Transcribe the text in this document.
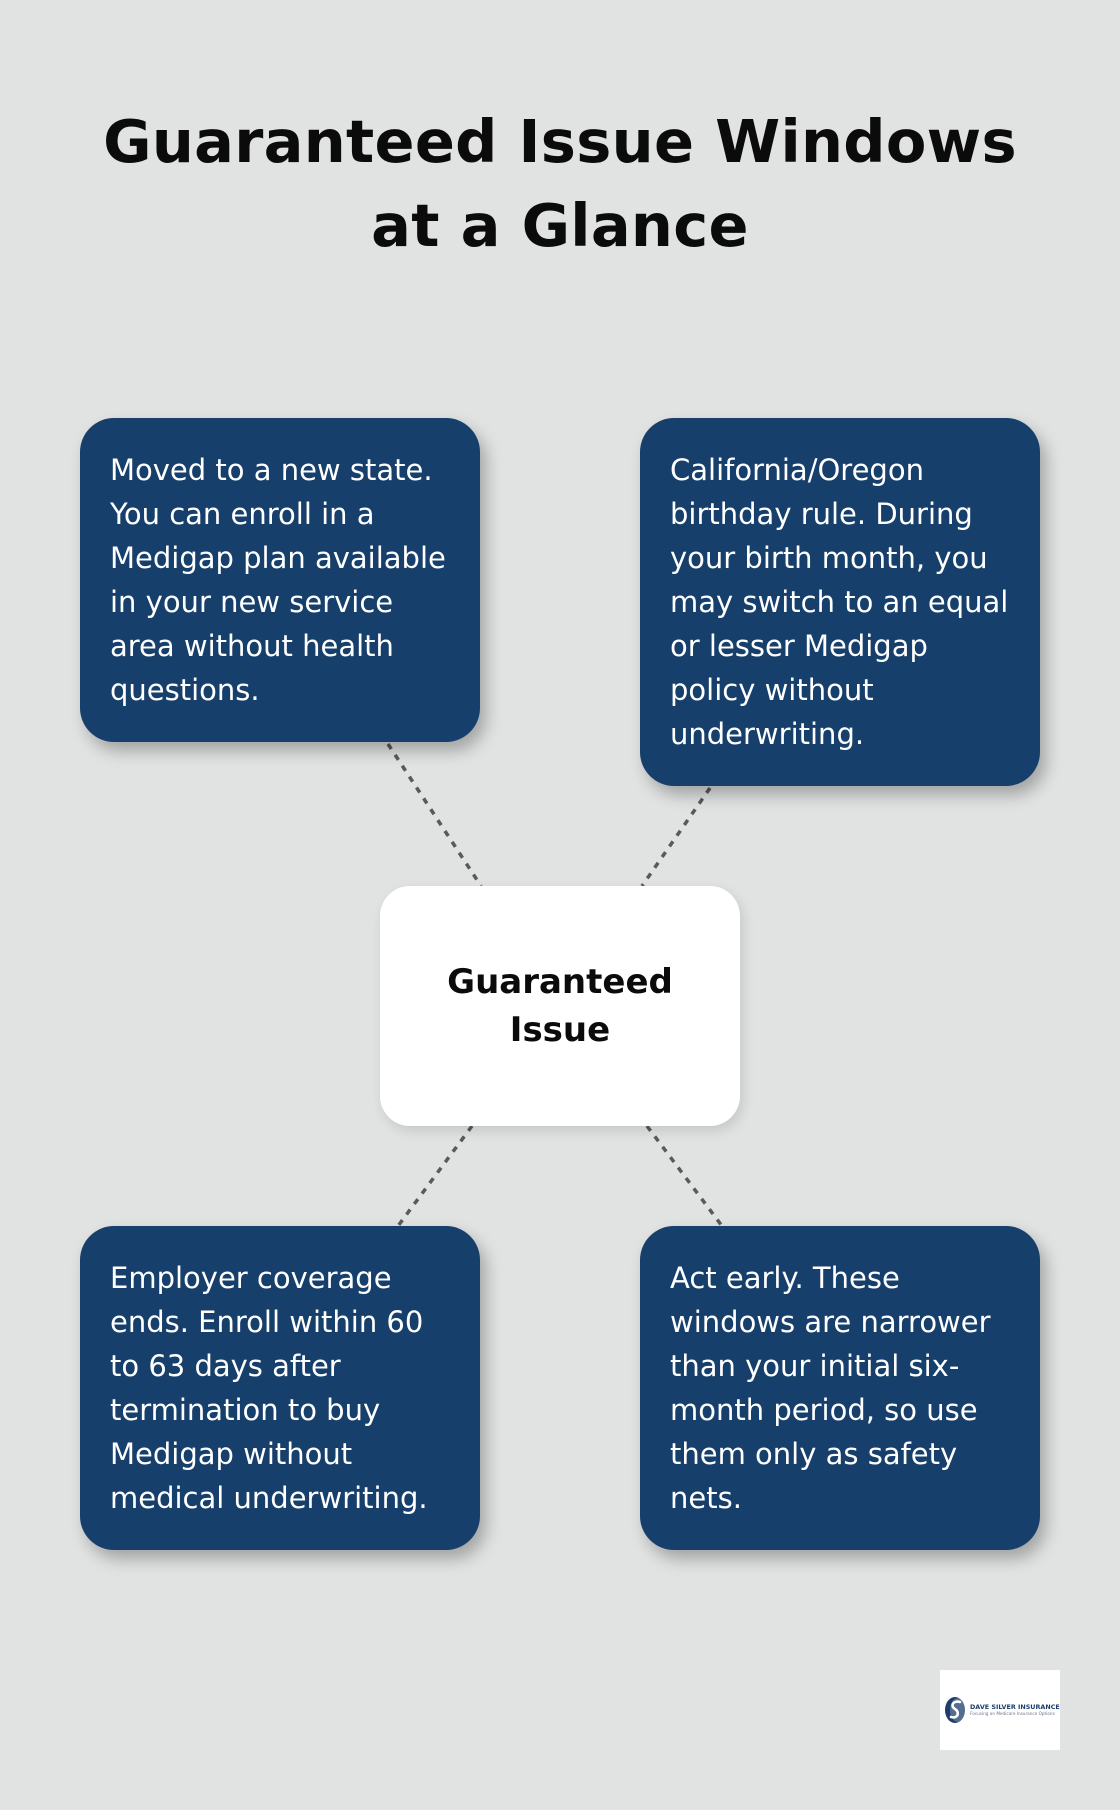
Guaranteed Issue Windows at a Glance

Moved to a new state. You can enroll in a Medigap plan available in your new service area without health questions.

California/Oregon birthday rule. During your birth month, you may switch to an equal or lesser Medigap policy without underwriting.

Guaranteed Issue

Employer coverage ends. Enroll within 60 to 63 days after termination to buy Medigap without medical underwriting.

Act early. These windows are narrower than your initial six-month period, so use them only as safety nets.

DAVE SILVER INSURANCE
Focusing on Medicare Insurance Options
